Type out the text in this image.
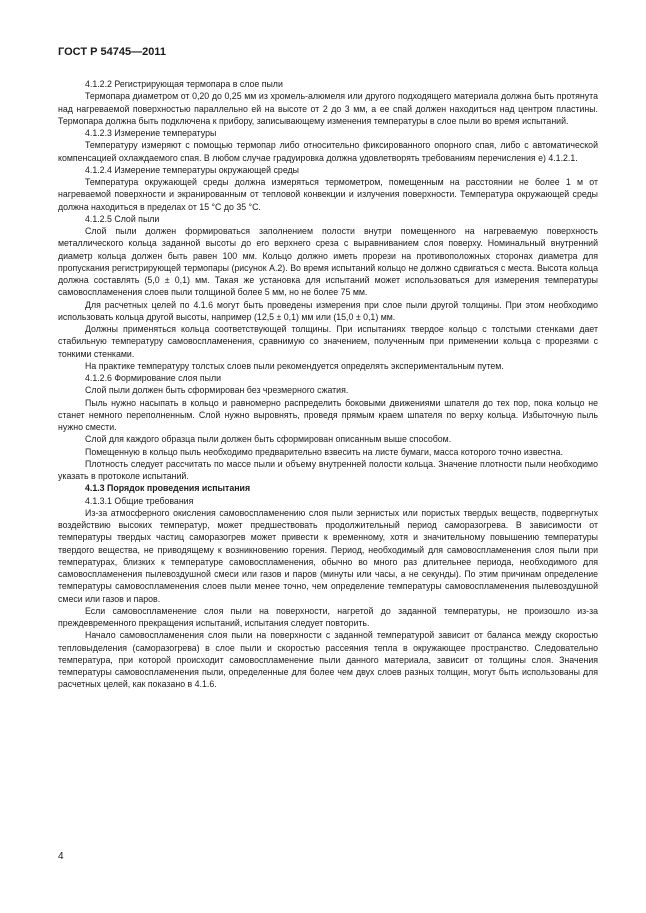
ГОСТ Р 54745—2011

4.1.2.2 Регистрирующая термопара в слое пыли

Термопара диаметром от 0,20 до 0,25 мм из хромель-алюмеля или другого подходящего материала должна быть протянута над нагреваемой поверхностью параллельно ей на высоте от 2 до 3 мм, а ее спай должен находиться над центром пластины. Термопара должна быть подключена к прибору, записывающему изменения температуры в слое пыли во время испытаний.

4.1.2.3 Измерение температуры

Температуру измеряют с помощью термопар либо относительно фиксированного опорного спая, либо с автоматической компенсацией охлаждаемого спая. В любом случае градуировка должна удовлетворять требованиям перечисления е) 4.1.2.1.

4.1.2.4 Измерение температуры окружающей среды

Температура окружающей среды должна измеряться термометром, помещенным на расстоянии не более 1 м от нагреваемой поверхности и экранированным от тепловой конвекции и излучения поверхности. Температура окружающей среды должна находиться в пределах от 15 °С до 35 °С.

4.1.2.5 Слой пыли

Слой пыли должен формироваться заполнением полости внутри помещенного на нагреваемую поверхность металлического кольца заданной высоты до его верхнего среза с выравниванием слоя поверху. Номинальный внутренний диаметр кольца должен быть равен 100 мм. Кольцо должно иметь прорези на противоположных сторонах диаметра для пропускания регистрирующей термопары (рисунок А.2). Во время испытаний кольцо не должно сдвигаться с места. Высота кольца должна составлять (5,0 ± 0,1) мм. Такая же установка для испытаний может использоваться для измерения температуры самовоспламенения слоев пыли толщиной более 5 мм, но не более 75 мм.

Для расчетных целей по 4.1.6 могут быть проведены измерения при слое пыли другой толщины. При этом необходимо использовать кольца другой высоты, например (12,5 ± 0,1) мм или (15,0 ± 0,1) мм.

Должны применяться кольца соответствующей толщины. При испытаниях твердое кольцо с толстыми стенками дает стабильную температуру самовоспламенения, сравнимую со значением, полученным при применении кольца с прорезями с тонкими стенками.

На практике температуру толстых слоев пыли рекомендуется определять экспериментальным путем.

4.1.2.6 Формирование слоя пыли

Слой пыли должен быть сформирован без чрезмерного сжатия.

Пыль нужно насыпать в кольцо и равномерно распределить боковыми движениями шпателя до тех пор, пока кольцо не станет немного переполненным. Слой нужно выровнять, проведя прямым краем шпателя по верху кольца. Избыточную пыль нужно смести.

Слой для каждого образца пыли должен быть сформирован описанным выше способом.

Помещенную в кольцо пыль необходимо предварительно взвесить на листе бумаги, масса которого точно известна.

Плотность следует рассчитать по массе пыли и объему внутренней полости кольца. Значение плотности пыли необходимо указать в протоколе испытаний.

4.1.3 Порядок проведения испытания

4.1.3.1 Общие требования

Из-за атмосферного окисления самовоспламенению слоя пыли зернистых или пористых твердых веществ, подвергнутых воздействию высоких температур, может предшествовать продолжительный период саморазогрева. В зависимости от температуры твердых частиц саморазогрев может привести к временному, хотя и значительному повышению температуры твердого вещества, не приводящему к возникновению горения. Период, необходимый для самовоспламенения слоя пыли при температурах, близких к температуре самовоспламенения, обычно во много раз длительнее периода, необходимого для самовоспламенения пылевоздушной смеси или газов и паров (минуты или часы, а не секунды). По этим причинам определение температуры самовоспламенения слоев пыли менее точно, чем определение температуры самовоспламенения пылевоздушной смеси или газов и паров.

Если самовоспламенение слоя пыли на поверхности, нагретой до заданной температуры, не произошло из-за преждевременного прекращения испытаний, испытания следует повторить.

Начало самовоспламенения слоя пыли на поверхности с заданной температурой зависит от баланса между скоростью тепловыделения (саморазогрева) в слое пыли и скоростью рассеяния тепла в окружающее пространство. Следовательно температура, при которой происходит самовоспламенение пыли данного материала, зависит от толщины слоя. Значения температуры самовоспламенения пыли, определенные для более чем двух слоев разных толщин, могут быть использованы для расчетных целей, как показано в 4.1.6.

4
